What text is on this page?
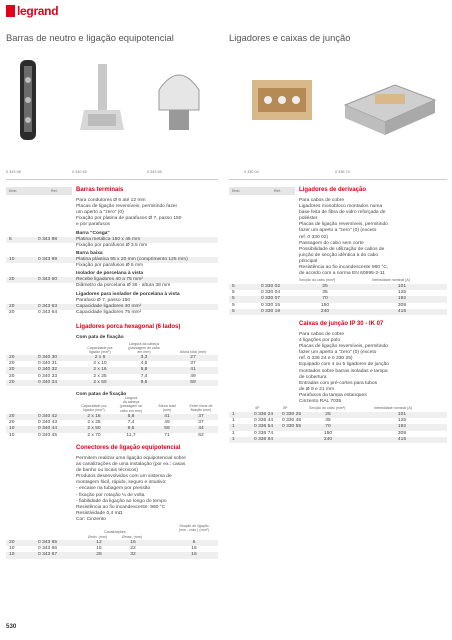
legrand
Barras de neutro e ligação equipotencial	Ligadores e caixas de junção
0 343 98	0 340 45	0 343 65	0 330 04	0 336 74
Emb.	Ref.	Emb.	Ref.
Barras terminais
Para condutores Ø 6 até 12 mm
Placas de ligação reversíveis, permitindo fazer
um aperto a "zero" (0)
Fixação por platina de parafusos Ø 7, passo 150
e por parafusos
Barra "Cosga"
5	0 343 98	Platina metálica 150 x 45 mm
Fixação por parafusos Ø 3,5 mm
Barra baixa
10	0 343 99	Platina plástica 95 x 20 mm (comprimento 125 mm)
Fixação por parafusos Ø 5 mm
Isolador de porcelana à vista
20	0 343 60	Recebe ligadores 40 a 75 mm²
Diâmetro da porcelana Ø 36 - altura 38 mm
Ligadores para isolador de porcelana à vista
Parafuso Ø 7, passo 150
20	0 343 63	Capacidade ligadores 40 mm²
20	0 343 64	Capacidade ligadores 75 mm²
Ligadores porca hexagonal (6 lados)
Com pata de fixação
Capacidade por
ligador (mm²)
Largura da cabeça
(passagem do cabo
em mm)	Altura total (mm)
20	0 340 30	2 x 6	3,3	27
20	0 340 31	2 x 10	4,5	37
20	0 340 32	2 x 16	5,8	41
20	0 340 33	2 x 25	7,4	49
20	0 340 34	2 x 50	9,5	59
Com patas de fixação
Capacidade por
ligador (mm²)
Largura
da cabeça
(passagem do
cabo em mm)
Altura total
(mm)
Entre eixos de
fixação (mm)
20	0 340 42	2 x 16	5,8	41	37
20	0 340 43	2 x 25	7,4	49	37
10	0 340 44	2 x 50	9,5	59	44
10	0 340 45	2 x 70	11,7	71	62
Conectores de ligação equipotencial
Permitem realizar uma ligação equipotencial sobre
as canalizações de uma instalação (por ex.: casas
de banho ou locais técnicos)
Produtos desenvolvidos com um sistema de
montagem fácil, rápido, seguro e intuitivo:
- encaixe na tubagem por pressão
- fixação por rotação ¼ de volta
- fiabilidade da ligação ao longo do tempo
Resistência ao fio incandescente: 960 °C
Resistividade 0,4 mΩ
Cor: Cinzento
Canalizações
Ømin. (mm)	Ømax. (mm)
Secção de ligação
(mm - máx.) (mm²)
20	0 343 65	12	16	6
10	0 343 66	15	22	16
10	0 343 67	28	32	16
Ligadores de derivação
Para cabos de cobre
Ligadores monobloco montados numa
base feita de fibra de vidro reforçada de
poliéster
Placas de ligação reversíveis, permitindo
fazer um aperto a "zero" (0) (exceto
ref. 0 330 02)
Passagem do cabo sem corte
Possibilidade de utilização de cabos de
junção de secção idêntica à do cabo
principal
Resistência ao fio incandescente 960 °C,
de acordo com a norma EN 60695-2-11
Secção do cabo (mm²)	Intensidade nominal (A)
5	0 330 02	25	101
5	0 330 04	35	125
5	0 330 07	70	192
5	0 330 15	150	309
5	0 330 19	240	415
Caixas de junção IP 30 - IK 07
Para cabos de cobre
4 ligações por polo
Placas de ligação reversíveis, permitindo
fazer um aperto a "zero" (0) (exceto
ref. 0 336 24 e 0 330 25)
Equipado com 4 ou 5 ligadores de junção
montados sobre barras isoladas e tampa
de cobertura
Entradas com pré-cortes para tubos
de Ø 9 e 21 mm
Parafusos da tampa estanques
Cinzento RAL 7035
4P	5P	Secção do cabo (mm²)	Intensidade nominal (A)
1	0 336 24 0 330 25	25	101
1	0 336 44 0 330 45	35	125
1	0 336 54 0 330 55	70	192
1	0 336 74	150	309
1	0 336 84	240	415
530
